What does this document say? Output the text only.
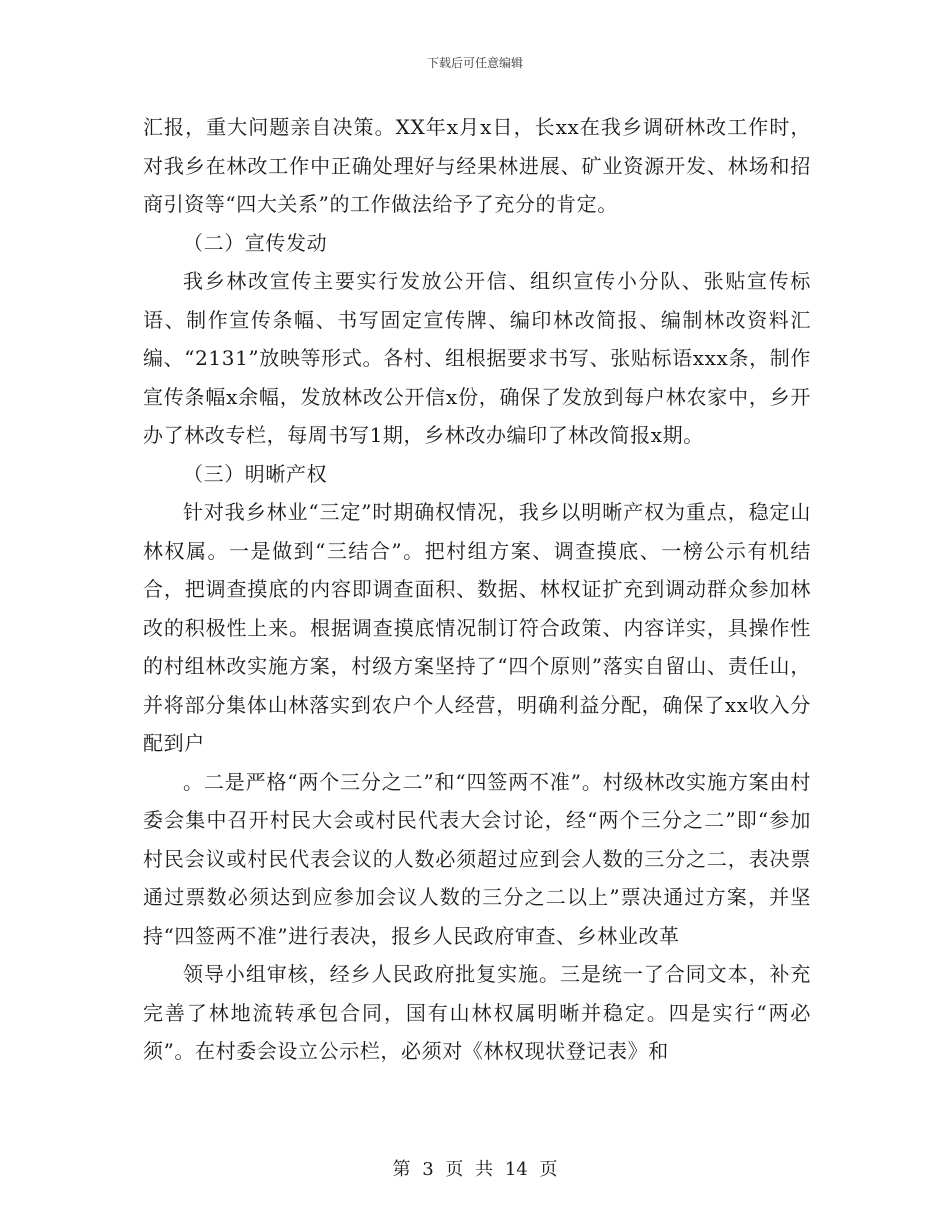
下载后可任意编辑

汇报，重大问题亲自决策。XX年x月x日，长xx在我乡调研林改工作时，对我乡在林改工作中正确处理好与经果林进展、矿业资源开发、林场和招商引资等“四大关系”的工作做法给予了充分的肯定。

（二）宣传发动

我乡林改宣传主要实行发放公开信、组织宣传小分队、张贴宣传标语、制作宣传条幅、书写固定宣传牌、编印林改简报、编制林改资料汇编、“2131”放映等形式。各村、组根据要求书写、张贴标语xxx条，制作宣传条幅x余幅，发放林改公开信x份，确保了发放到每户林农家中，乡开办了林改专栏，每周书写1期，乡林改办编印了林改简报x期。

（三）明晰产权

针对我乡林业“三定”时期确权情况，我乡以明晰产权为重点，稳定山林权属。一是做到“三结合”。把村组方案、调查摸底、一榜公示有机结合，把调查摸底的内容即调查面积、数据、林权证扩充到调动群众参加林改的积极性上来。根据调查摸底情况制订符合政策、内容详实，具操作性的村组林改实施方案，村级方案坚持了“四个原则”落实自留山、责任山，并将部分集体山林落实到农户个人经营，明确利益分配，确保了xx收入分配到户

。二是严格“两个三分之二”和“四签两不准”。村级林改实施方案由村委会集中召开村民大会或村民代表大会讨论，经“两个三分之二”即“参加村民会议或村民代表会议的人数必须超过应到会人数的三分之二，表决票通过票数必须达到应参加会议人数的三分之二以上”票决通过方案，并坚持“四签两不准”进行表决，报乡人民政府审查、乡林业改革

领导小组审核，经乡人民政府批复实施。三是统一了合同文本，补充完善了林地流转承包合同，国有山林权属明晰并稳定。四是实行“两必须”。在村委会设立公示栏，必须对《林权现状登记表》和

第 3 页 共 14 页
